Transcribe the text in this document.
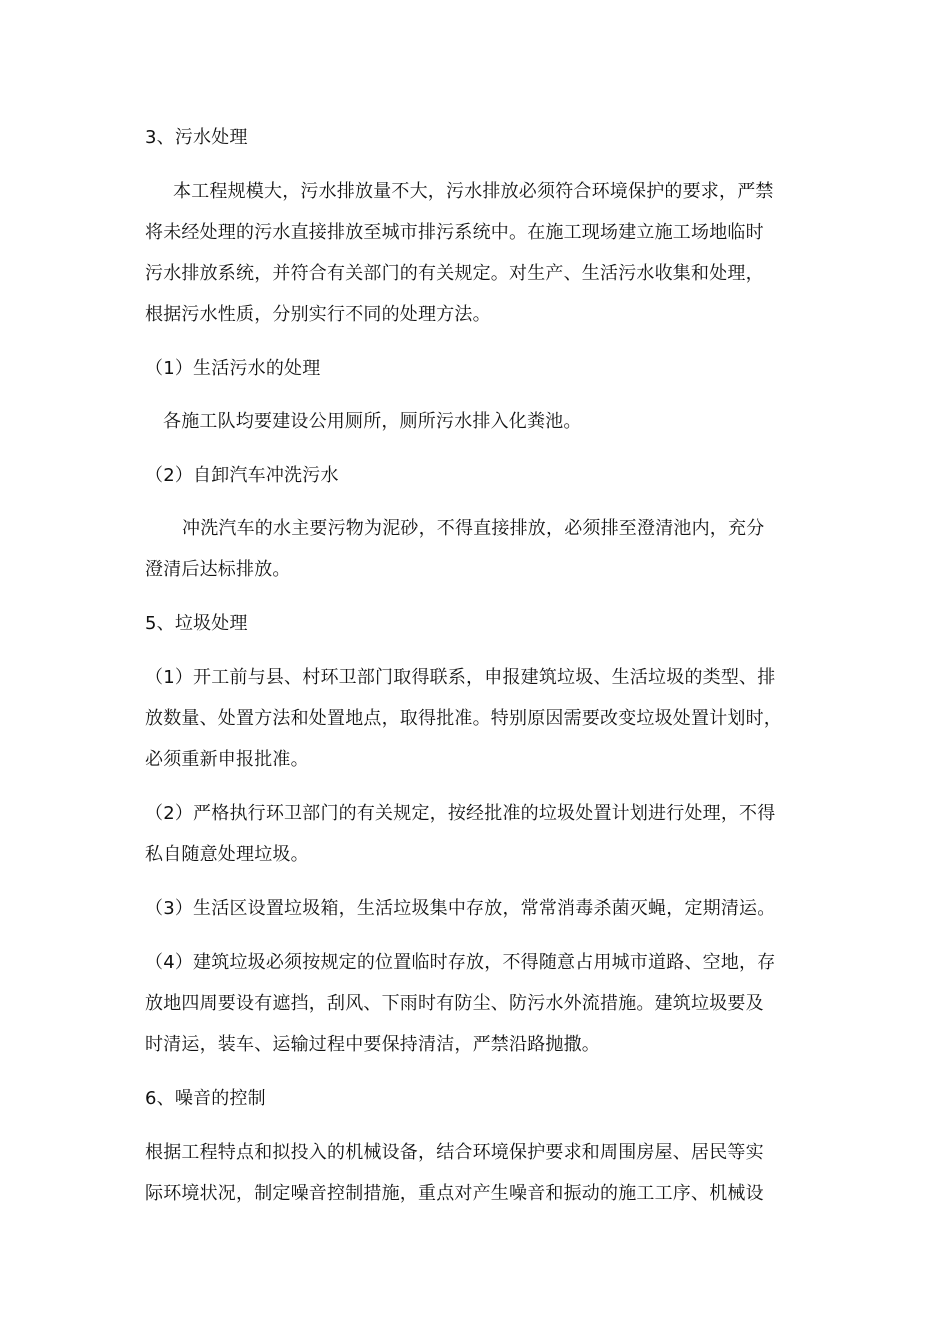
3、污水处理
本工程规模大，污水排放量不大，污水排放必须符合环境保护的要求，严禁
将未经处理的污水直接排放至城市排污系统中。在施工现场建立施工场地临时
污水排放系统，并符合有关部门的有关规定。对生产、生活污水收集和处理，
根据污水性质，分别实行不同的处理方法。
（1）生活污水的处理
各施工队均要建设公用厕所，厕所污水排入化粪池。
（2）自卸汽车冲洗污水
冲洗汽车的水主要污物为泥砂，不得直接排放，必须排至澄清池内，充分
澄清后达标排放。
5、垃圾处理
（1）开工前与县、村环卫部门取得联系，申报建筑垃圾、生活垃圾的类型、排
放数量、处置方法和处置地点，取得批准。特别原因需要改变垃圾处置计划时，
必须重新申报批准。
（2）严格执行环卫部门的有关规定，按经批准的垃圾处置计划进行处理，不得
私自随意处理垃圾。
（3）生活区设置垃圾箱，生活垃圾集中存放，常常消毒杀菌灭蝇，定期清运。
（4）建筑垃圾必须按规定的位置临时存放，不得随意占用城市道路、空地，存
放地四周要设有遮挡，刮风、下雨时有防尘、防污水外流措施。建筑垃圾要及
时清运，装车、运输过程中要保持清洁，严禁沿路抛撒。
6、噪音的控制
根据工程特点和拟投入的机械设备，结合环境保护要求和周围房屋、居民等实
际环境状况，制定噪音控制措施，重点对产生噪音和振动的施工工序、机械设
